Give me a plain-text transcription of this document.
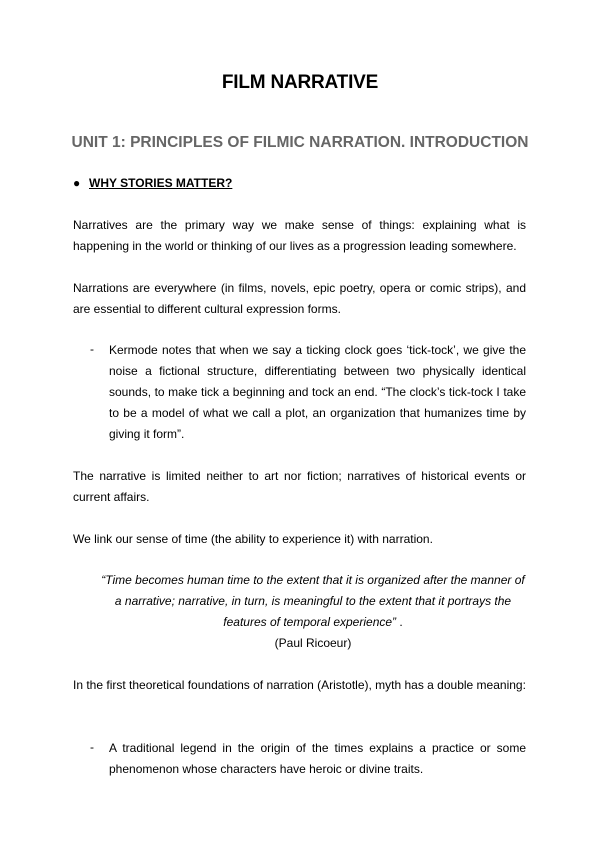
FILM NARRATIVE
UNIT 1: PRINCIPLES OF FILMIC NARRATION. INTRODUCTION
● WHY STORIES MATTER?
Narratives are the primary way we make sense of things: explaining what is happening in the world or thinking of our lives as a progression leading somewhere.
Narrations are everywhere (in films, novels, epic poetry, opera or comic strips), and are essential to different cultural expression forms.
- Kermode notes that when we say a ticking clock goes ‘tick-tock’, we give the noise a fictional structure, differentiating between two physically identical sounds, to make tick a beginning and tock an end. “The clock’s tick-tock I take to be a model of what we call a plot, an organization that humanizes time by giving it form”.
The narrative is limited neither to art nor fiction; narratives of historical events or current affairs.
We link our sense of time (the ability to experience it) with narration.
“Time becomes human time to the extent that it is organized after the manner of a narrative; narrative, in turn, is meaningful to the extent that it portrays the features of temporal experience” .
(Paul Ricoeur)
In the first theoretical foundations of narration (Aristotle), myth has a double meaning:
- A traditional legend in the origin of the times explains a practice or some phenomenon whose characters have heroic or divine traits.
